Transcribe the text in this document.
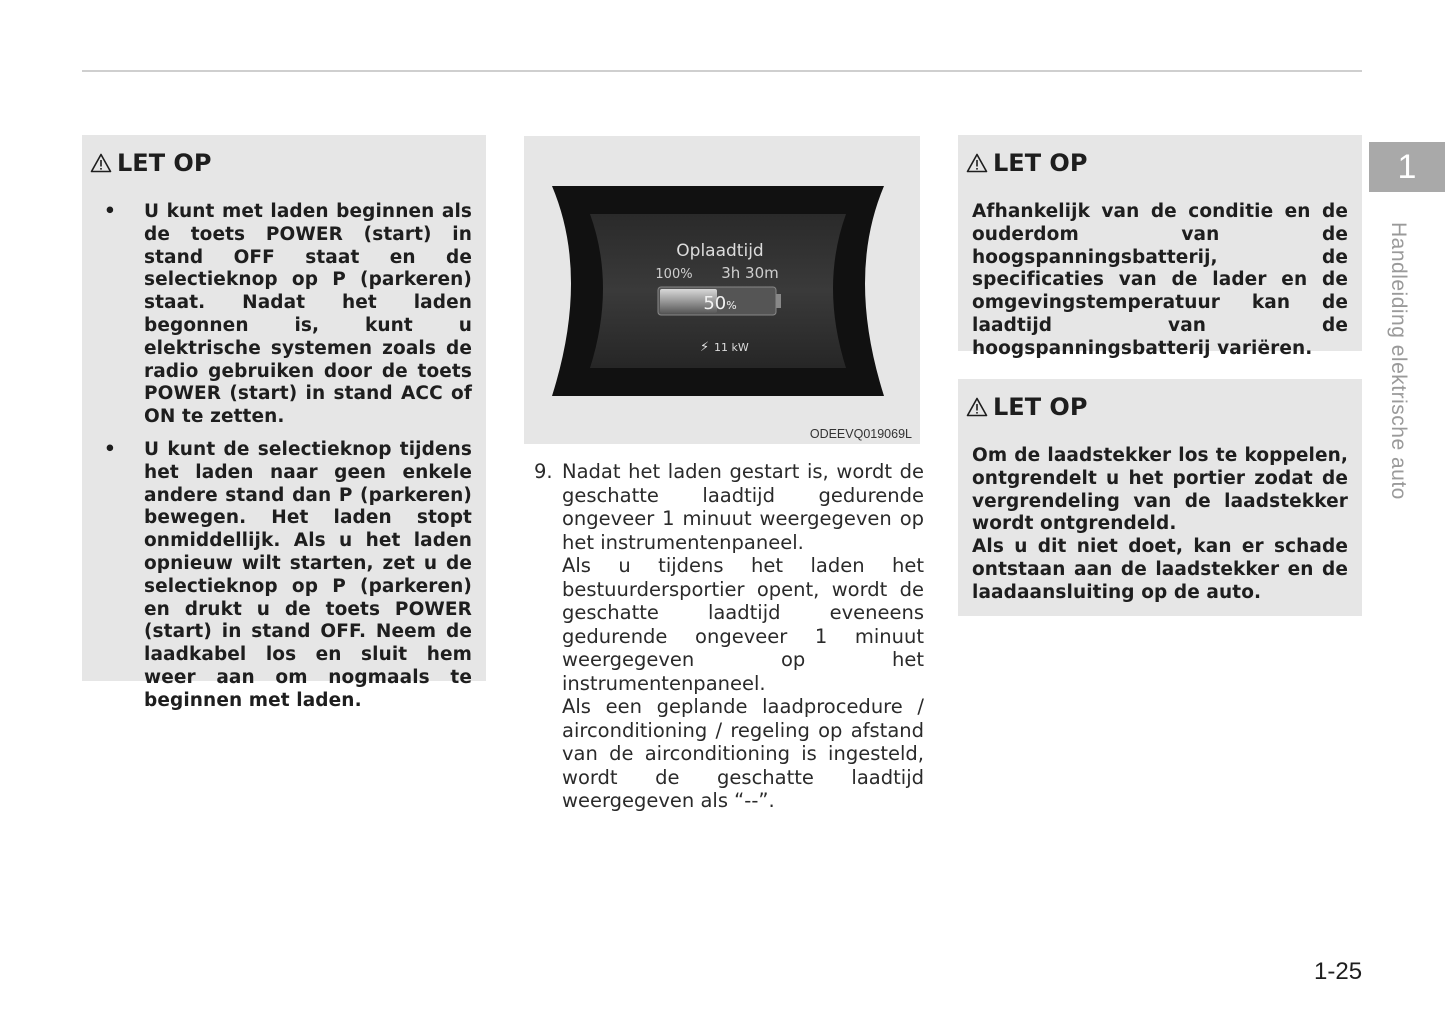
LET OP
• U kunt met laden beginnen als de toets POWER (start) in stand OFF staat en de selectieknop op P (parkeren) staat. Nadat het laden begonnen is, kunt u elektrische systemen zoals de radio gebruiken door de toets POWER (start) in stand ACC of ON te zetten.
• U kunt de selectieknop tijdens het laden naar geen enkele andere stand dan P (parkeren) bewegen. Het laden stopt onmiddellijk. Als u het laden opnieuw wilt starten, zet u de selectieknop op P (parkeren) en drukt u de toets POWER (start) in stand OFF. Neem de laadkabel los en sluit hem weer aan om nogmaals te beginnen met laden.
Oplaadtijd
100% 3h 30m
50%
⚡ 11 kW
ODEEVQ019069L
9. Nadat het laden gestart is, wordt de geschatte laadtijd gedurende ongeveer 1 minuut weergegeven op het instrumentenpaneel.

Als u tijdens het laden het bestuurdersportier opent, wordt de geschatte laadtijd eveneens gedurende ongeveer 1 minuut weergegeven op het instrumentenpaneel.

Als een geplande laadprocedure / airconditioning / regeling op afstand van de airconditioning is ingesteld, wordt de geschatte laadtijd weergegeven als “--”.

LET OP
Afhankelijk van de conditie en de ouderdom van de hoogspanningsbatterij, de specificaties van de lader en de omgevingstemperatuur kan de laadtijd van de hoogspanningsbatterij variëren.
LET OP
Om de laadstekker los te koppelen, ontgrendelt u het portier zodat de vergrendeling van de laadstekker wordt ontgrendeld.
Als u dit niet doet, kan er schade ontstaan aan de laadstekker en de laadaansluiting op de auto.
1
Handleiding elektrische auto
1-25
